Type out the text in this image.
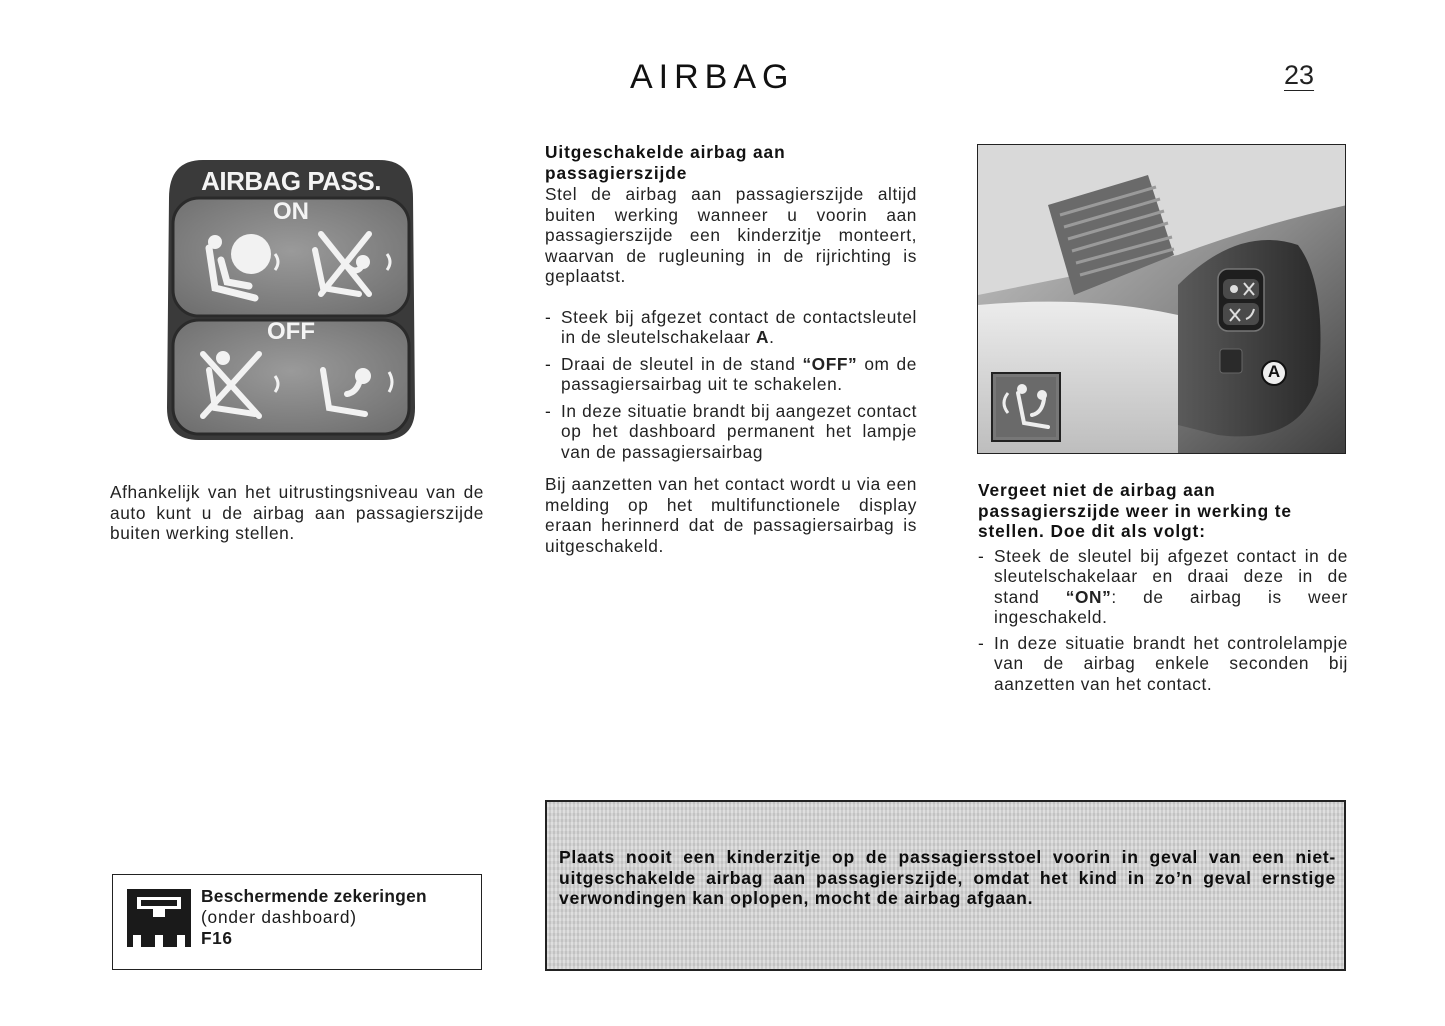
AIRBAG	23
AIRBAG PASS.
ON
OFF

Afhankelijk van het uitrustingsniveau van de auto kunt u de airbag aan passagierszijde buiten werking stellen.

Uitgeschakelde airbag aan passagierszijde

Stel de airbag aan passagierszijde altijd buiten werking wanneer u voorin aan passagierszijde een kinderzitje monteert, waarvan de rugleuning in de rijrichting is geplaatst.

- Steek bij afgezet contact de contactsleutel in de sleutelschakelaar A.

- Draai de sleutel in de stand “OFF” om de passagiersairbag uit te schakelen.

- In deze situatie brandt bij aangezet contact op het dashboard permanent het lampje van de passagiersairbag

Bij aanzetten van het contact wordt u via een melding op het multifunctionele display eraan herinnerd dat de passagiersairbag is uitgeschakeld.

A

Vergeet niet de airbag aan passagierszijde weer in werking te stellen. Doe dit als volgt:

- Steek de sleutel bij afgezet contact in de sleutelschakelaar en draai deze in de stand “ON”: de airbag is weer ingeschakeld.

- In deze situatie brandt het controlelampje van de airbag enkele seconden bij aanzetten van het contact.

Beschermende zekeringen
(onder dashboard)
F16

Plaats nooit een kinderzitje op de passagiersstoel voorin in geval van een niet-uitgeschakelde airbag aan passagierszijde, omdat het kind in zo’n geval ernstige verwondingen kan oplopen, mocht de airbag afgaan.
